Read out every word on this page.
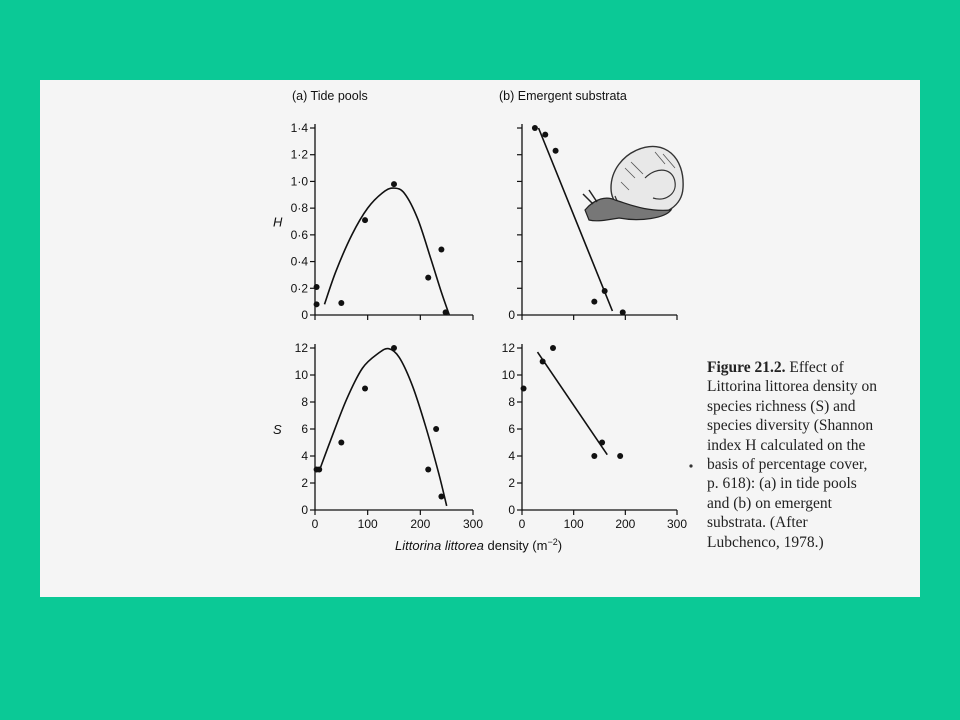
0
0·2
0·4
0·6
0·8
1·0
1·2
1·4
(a) Tide pools
H
0
(b) Emergent substrata
0
2
4
6
8
10
12
0	100	200	300
S
0
2
4
6
8
10
12
0	100	200	300
Littorina littorea density $(m^{-2})$
Figure 21.2. Effect of
Littorina littorea density on
species richness (S) and
species diversity (Shannon
index H calculated on the
basis of percentage cover,
p. 618): (a) in tide pools
and (b) on emergent
substrata. (After
Lubchenco, 1978.)
